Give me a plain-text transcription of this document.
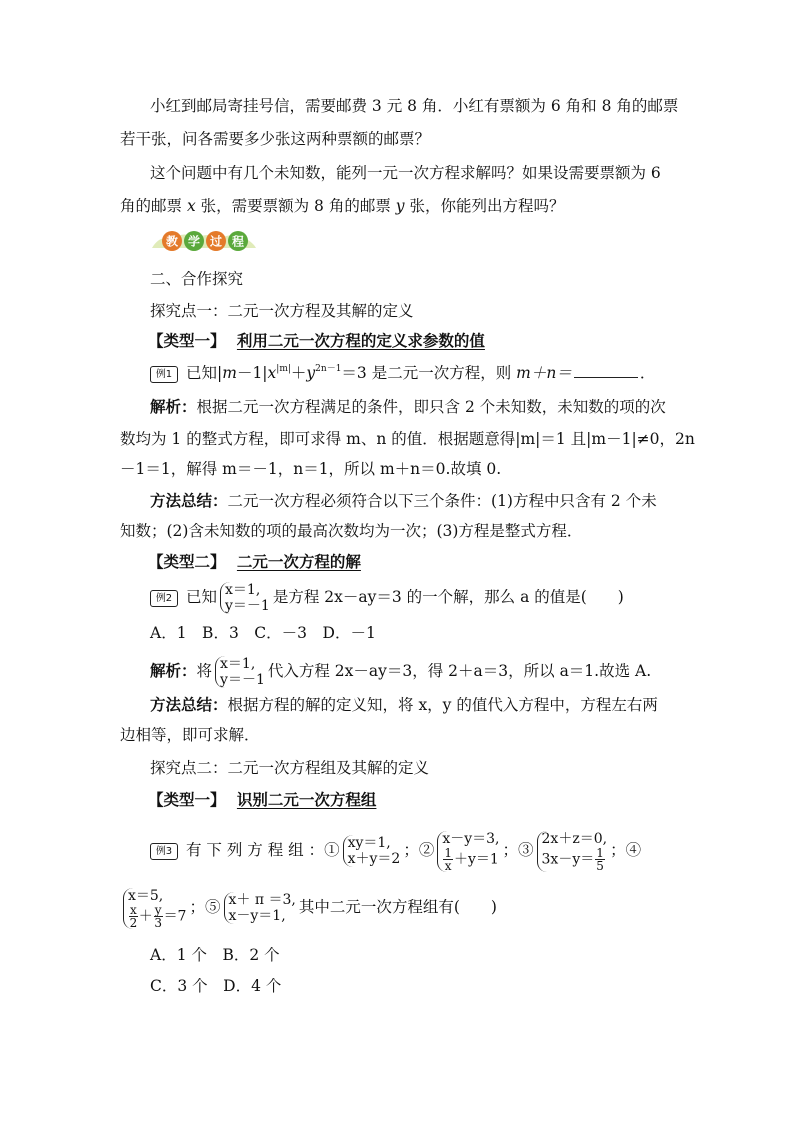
小红到邮局寄挂号信，需要邮费 3 元 8 角．小红有票额为 6 角和 8 角的邮票
若干张，问各需要多少张这两种票额的邮票？
这个问题中有几个未知数，能列一元一次方程求解吗？如果设需要票额为 6
角的邮票 x 张，需要票额为 8 角的邮票 y 张，你能列出方程吗？
教 学 过 程
二、合作探究
探究点一：二元一次方程及其解的定义
【类型一】 利用二元一次方程的定义求参数的值
例1 已知$|m-1|x^{|m|}+y^{2n-1}=3$ 是二元一次方程，则 m＋n＝	．
解析：根据二元一次方程满足的条件，即只含 2 个未知数，未知数的项的次
数均为 1 的整式方程，即可求得 m、n 的值．根据题意得|m|＝1 且|m－1|≠0，2n
－1＝1，解得 m＝－1，n＝1，所以 m＋n＝0.故填 0.
方法总结：二元一次方程必须符合以下三个条件：(1)方程中只含有 2 个未
知数；(2)含未知数的项的最高次数均为一次；(3)方程是整式方程．
【类型二】 二元一次方程的解
例2 已知 x＝1,
y＝－1 是方程 2x－ay＝3 的一个解，那么 a 的值是(　　)
A．1　B．3　C．－3　D．－1
解析：将 x＝1,
y＝－1 代入方程 2x－ay＝3，得 2＋a＝3，所以 a＝1.故选 A.
方法总结：根据方程的解的定义知，将 x，y 的值代入方程中，方程左右两
边相等，即可求解．
探究点二：二元一次方程组及其解的定义
【类型一】 识别二元一次方程组
例3 有 下 列 方 程 组 ：① xy＝1,
x＋y＝2 ；②
x－y＝3,
$\frac{1}{x} +y=1$ ；③
2x＋z＝0,
$3x-y= \frac{1}{5}$ ；④
x＝5,
$\frac{x}{2} + \frac{y}{3} =7$ ；⑤ x＋ π ＝3,
x－y＝1, 其中二元一次方程组有(　　)
A．1 个　B．2 个
C．3 个　D．4 个
